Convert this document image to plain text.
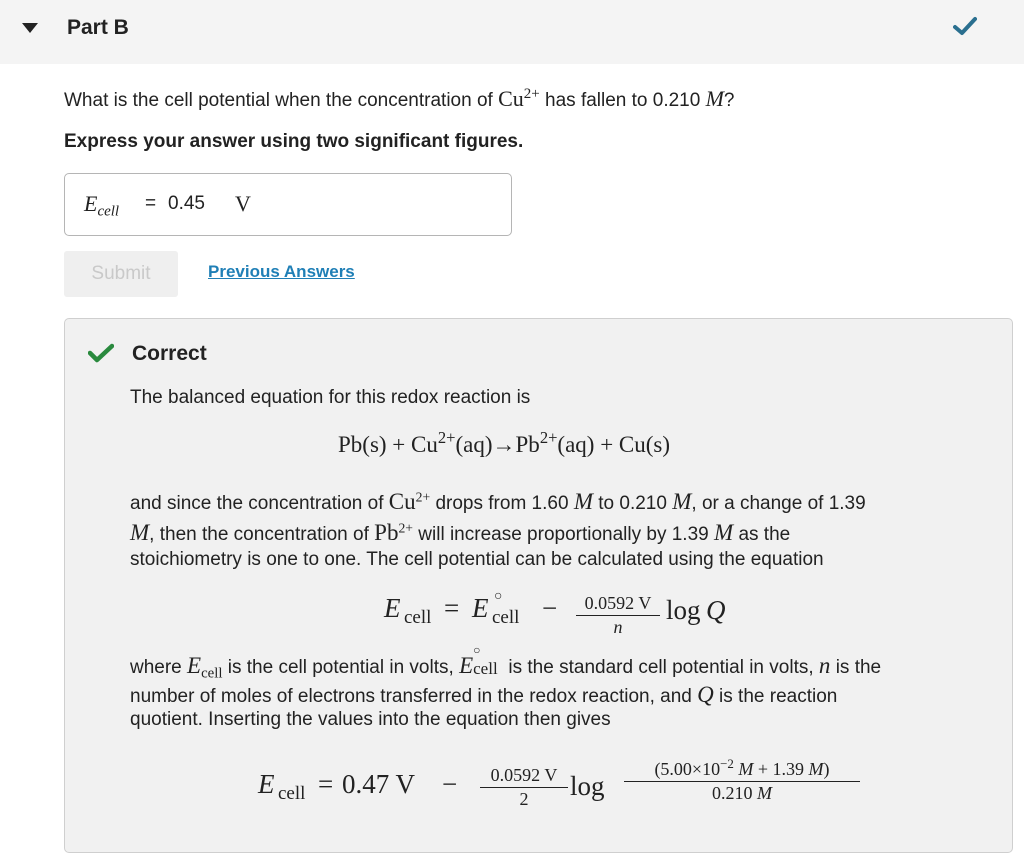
Part B
What is the cell potential when the concentration of $Cu^{2+}$ has fallen to 0.210 M?
Express your answer using two significant figures.
$E_{cell} = 0.45$ V
Submit	Previous Answers
Correct
The balanced equation for this redox reaction is
$Pb(s) + Cu^{2+}(aq)\to Pb^{2+}(aq) + Cu(s)$
and since the concentration of $Cu^{2+}$ drops from 1.60 M to 0.210 M, or a change of 1.39
M, then the concentration of $Pb^{2+}$ will increase proportionally by 1.39 M as the
stoichiometry is one to one. The cell potential can be calculated using the equation
E cell = E ○
cell − $\frac{0.0592 V}{n}$ log Q
where $E_{cell}$ is the cell potential in volts, E
○
cell is the standard cell potential in volts, n is the
number of moles of electrons transferred in the redox reaction, and Q is the reaction
quotient. Inserting the values into the equation then gives
E cell = 0.47 $V - \frac{0.0592 V}{2}$ $\log \frac{(5.00\times 10^{-2} M + 1.39 M)}{0.210 M}$
